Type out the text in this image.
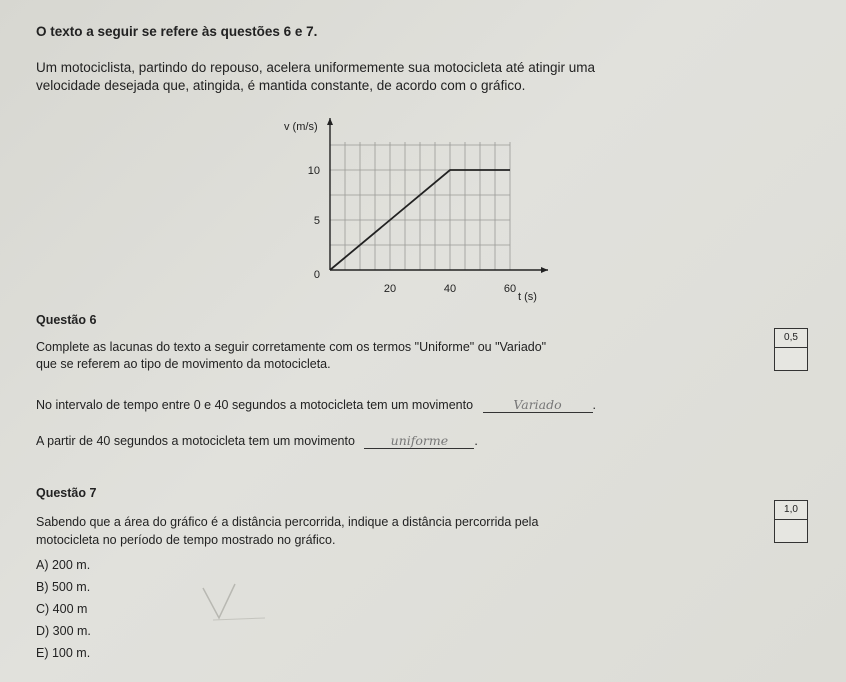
O texto a seguir se refere às questões 6 e 7.
Um motociclista, partindo do repouso, acelera uniformemente sua motocicleta até atingir uma
velocidade desejada que, atingida, é mantida constante, de acordo com o gráfico.
v (m/s)
t (s)
0
5
10
20	40	60
Questão 6
Complete as lacunas do texto a seguir corretamente com os termos "Uniforme" ou "Variado"
que se referem ao tipo de movimento da motocicleta.
0,5
No intervalo de tempo entre 0 e 40 segundos a motocicleta tem um movimento	Variado .
A partir de 40 segundos a motocicleta tem um movimento	uniforme .
Questão 7
Sabendo que a área do gráfico é a distância percorrida, indique a distância percorrida pela
motocicleta no período de tempo mostrado no gráfico.
1,0
A) 200 m.
B) 500 m.
C) 400 m
D) 300 m.
E) 100 m.
